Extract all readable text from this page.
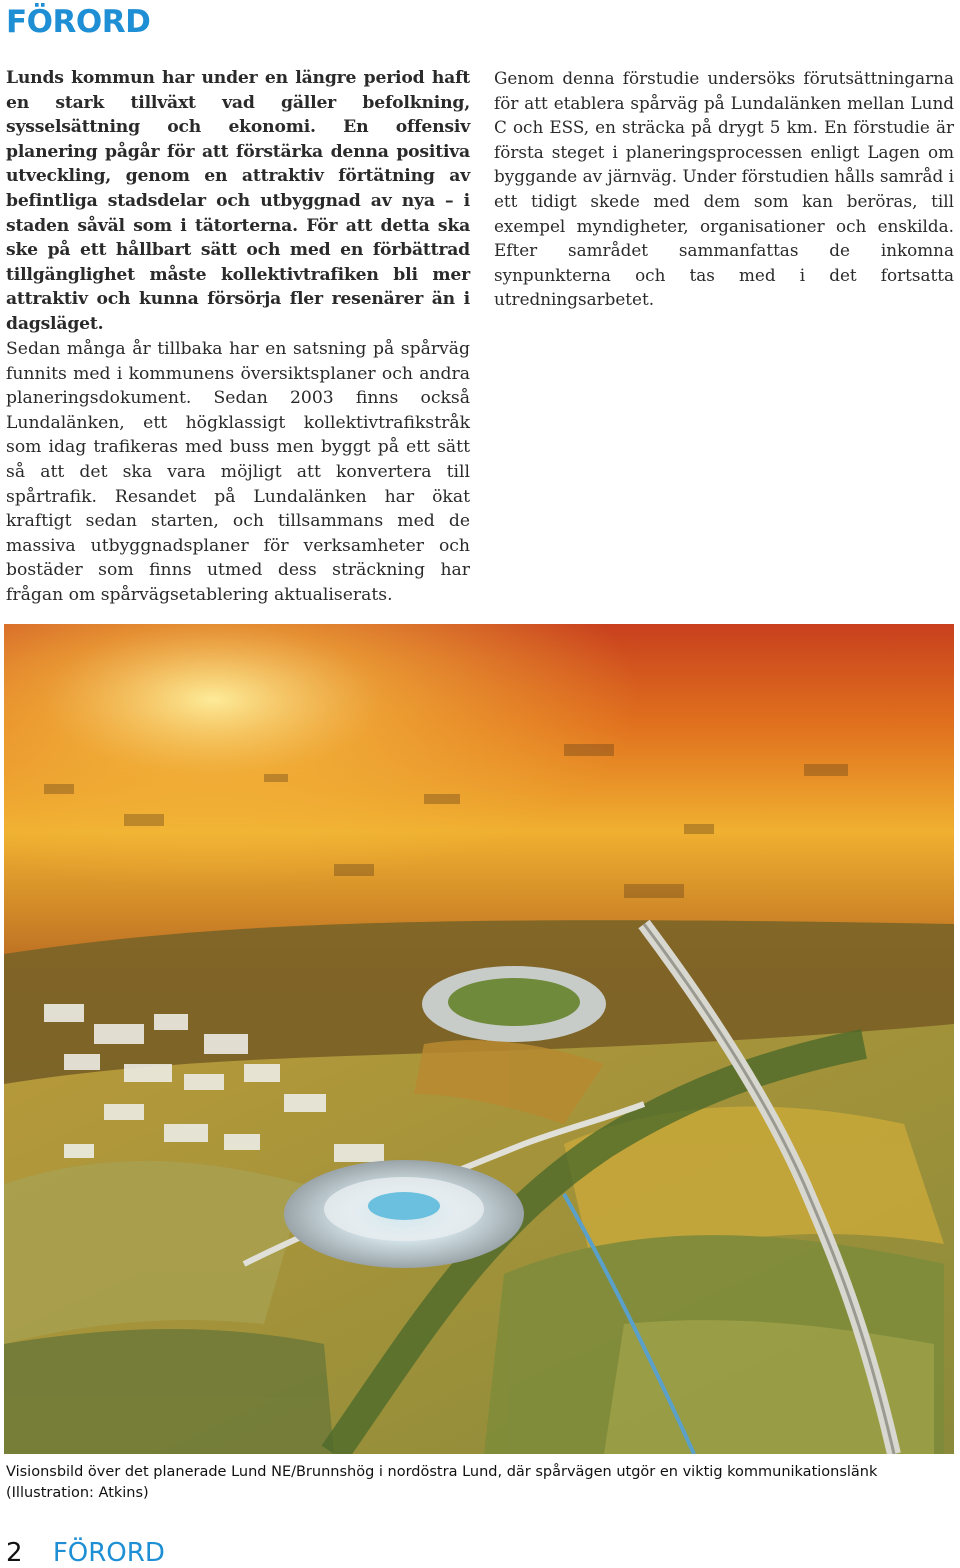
FÖRORD

Lunds kommun har under en längre period haft en stark tillväxt vad gäller befolkning, sysselsättning och ekonomi. En offensiv planering pågår för att förstärka denna positiva utveckling, genom en attraktiv förtätning av befintliga stadsdelar och utbyggnad av nya – i staden såväl som i tätorterna. För att detta ska ske på ett hållbart sätt och med en förbättrad tillgänglighet måste kollektivtrafiken bli mer attraktiv och kunna försörja fler resenärer än i dagsläget.

Sedan många år tillbaka har en satsning på spårväg funnits med i kommunens översiktsplaner och andra planeringsdokument. Sedan 2003 finns också Lundalänken, ett högklassigt kollektivtrafikstråk som idag trafikeras med buss men byggt på ett sätt så att det ska vara möjligt att konvertera till spårtrafik. Resandet på Lundalänken har ökat kraftigt sedan starten, och tillsammans med de massiva utbyggnadsplaner för verksamheter och bostäder som finns utmed dess sträckning har frågan om spårvägsetablering aktualiserats.

Genom denna förstudie undersöks förutsättningarna för att etablera spårväg på Lundalänken mellan Lund C och ESS, en sträcka på drygt 5 km. En förstudie är första steget i planeringsprocessen enligt Lagen om byggande av järnväg. Under förstudien hålls samråd i ett tidigt skede med dem som kan beröras, till exempel myndigheter, organisationer och enskilda. Efter samrådet sammanfattas de inkomna synpunkterna och tas med i det fortsatta utredningsarbetet.

Visionsbild över det planerade Lund NE/Brunnshög i nordöstra Lund, där spårvägen utgör en viktig kommunikationslänk (Illustration: Atkins)

2 FÖRORD
